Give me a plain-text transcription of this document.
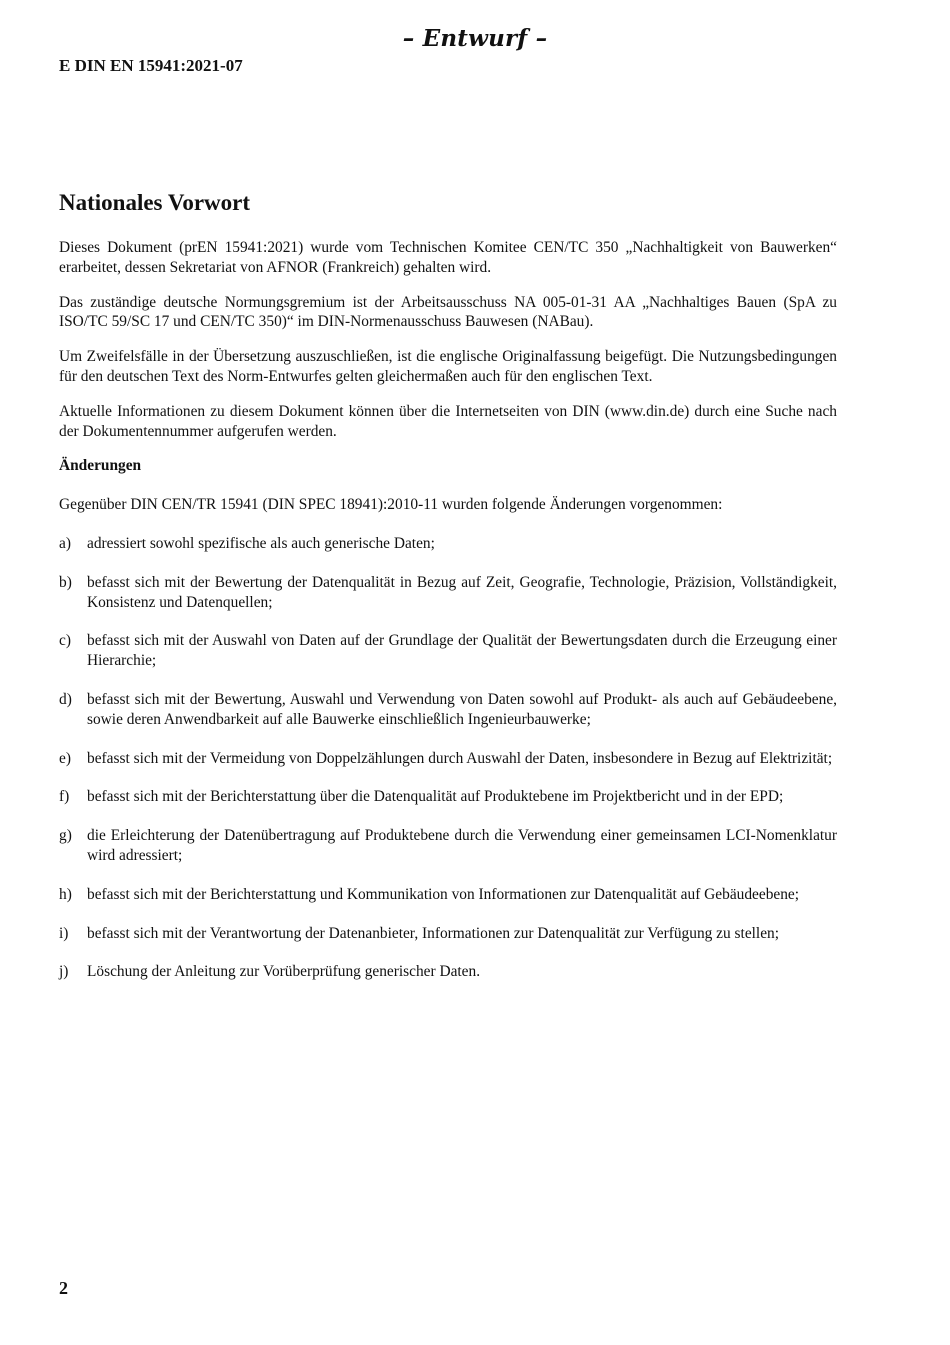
– Entwurf –
E DIN EN 15941:2021-07
Nationales Vorwort

Dieses Dokument (prEN 15941:2021) wurde vom Technischen Komitee CEN/TC 350 „Nachhaltigkeit von Bauwerken“ erarbeitet, dessen Sekretariat von AFNOR (Frankreich) gehalten wird.

Das zuständige deutsche Normungsgremium ist der Arbeitsausschuss NA 005-01-31 AA „Nachhaltiges Bauen (SpA zu ISO/TC 59/SC 17 und CEN/TC 350)“ im DIN-Normenausschuss Bauwesen (NABau).

Um Zweifelsfälle in der Übersetzung auszuschließen, ist die englische Originalfassung beigefügt. Die Nutzungsbedingungen für den deutschen Text des Norm-Entwurfes gelten gleichermaßen auch für den englischen Text.

Aktuelle Informationen zu diesem Dokument können über die Internetseiten von DIN (www.din.de) durch eine Suche nach der Dokumentennummer aufgerufen werden.

Änderungen
Gegenüber DIN CEN/TR 15941 (DIN SPEC 18941):2010-11 wurden folgende Änderungen vorgenommen:
a) adressiert sowohl spezifische als auch generische Daten;
b) befasst sich mit der Bewertung der Datenqualität in Bezug auf Zeit, Geografie, Technologie, Präzision, Vollständigkeit, Konsistenz und Datenquellen;
c) befasst sich mit der Auswahl von Daten auf der Grundlage der Qualität der Bewertungsdaten durch die Erzeugung einer Hierarchie;
d) befasst sich mit der Bewertung, Auswahl und Verwendung von Daten sowohl auf Produkt- als auch auf Gebäudeebene, sowie deren Anwendbarkeit auf alle Bauwerke einschließlich Ingenieurbauwerke;
e) befasst sich mit der Vermeidung von Doppelzählungen durch Auswahl der Daten, insbesondere in Bezug auf Elektrizität;
f) befasst sich mit der Berichterstattung über die Datenqualität auf Produktebene im Projektbericht und in der EPD;
g) die Erleichterung der Datenübertragung auf Produktebene durch die Verwendung einer gemeinsamen LCI-Nomenklatur wird adressiert;
h) befasst sich mit der Berichterstattung und Kommunikation von Informationen zur Datenqualität auf Gebäudeebene;
i) befasst sich mit der Verantwortung der Datenanbieter, Informationen zur Datenqualität zur Verfügung zu stellen;
j) Löschung der Anleitung zur Vorüberprüfung generischer Daten.
2
